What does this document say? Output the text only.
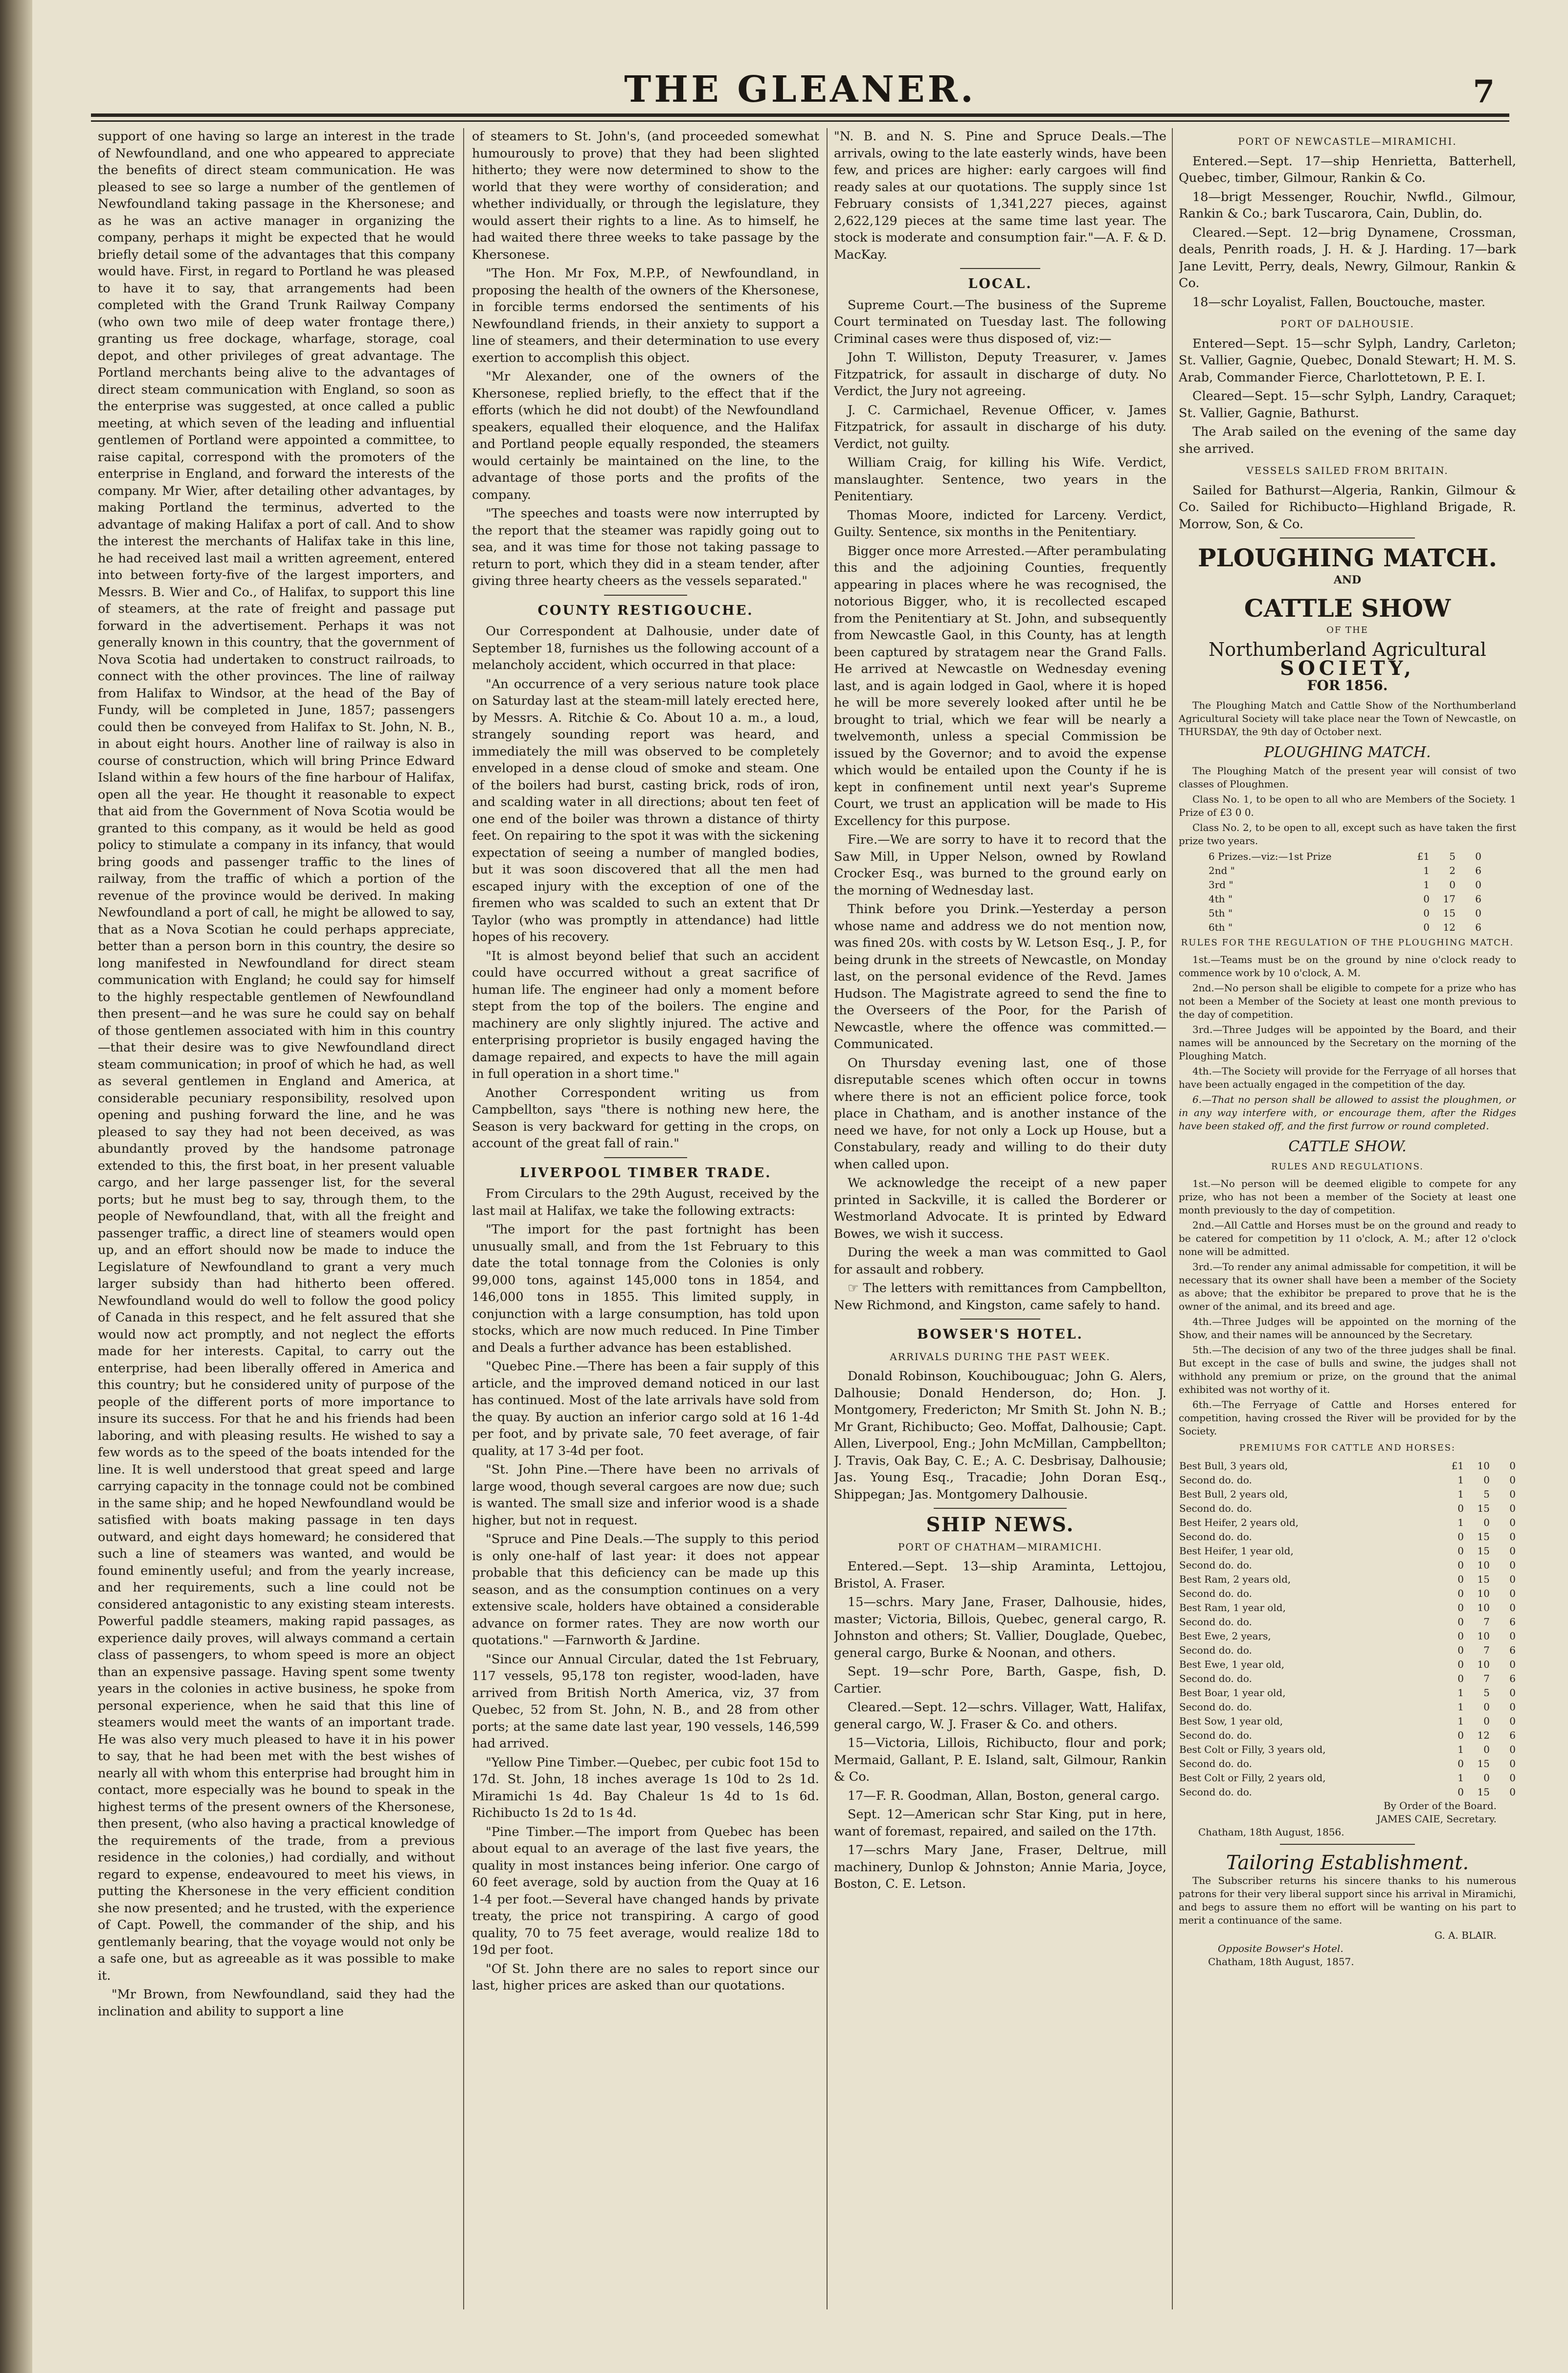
THE GLEANER.	7

support of one having so large an interest in the trade of Newfoundland, and one who appeared to appreciate the benefits of direct steam communication. He was pleased to see so large a number of the gentlemen of Newfoundland taking passage in the Khersonese; and as he was an active manager in organizing the company, perhaps it might be expected that he would briefly detail some of the advantages that this company would have. First, in regard to Portland he was pleased to have it to say, that arrangements had been completed with the Grand Trunk Railway Company (who own two mile of deep water frontage there,) granting us free dockage, wharfage, storage, coal depot, and other privileges of great advantage. The Portland merchants being alive to the advantages of direct steam communication with England, so soon as the enterprise was suggested, at once called a public meeting, at which seven of the leading and influential gentlemen of Portland were appointed a committee, to raise capital, correspond with the promoters of the enterprise in England, and forward the interests of the company. Mr Wier, after detailing other advantages, by making Portland the terminus, adverted to the advantage of making Halifax a port of call. And to show the interest the merchants of Halifax take in this line, he had received last mail a written agreement, entered into between forty-five of the largest importers, and Messrs. B. Wier and Co., of Halifax, to support this line of steamers, at the rate of freight and passage put forward in the advertisement. Perhaps it was not generally known in this country, that the government of Nova Scotia had undertaken to construct railroads, to connect with the other provinces. The line of railway from Halifax to Windsor, at the head of the Bay of Fundy, will be completed in June, 1857; passengers could then be conveyed from Halifax to St. John, N. B., in about eight hours. Another line of railway is also in course of construction, which will bring Prince Edward Island within a few hours of the fine harbour of Halifax, open all the year. He thought it reasonable to expect that aid from the Government of Nova Scotia would be granted to this company, as it would be held as good policy to stimulate a company in its infancy, that would bring goods and passenger traffic to the lines of railway, from the traffic of which a portion of the revenue of the province would be derived. In making Newfoundland a port of call, he might be allowed to say, that as a Nova Scotian he could perhaps appreciate, better than a person born in this country, the desire so long manifested in Newfoundland for direct steam communication with England; he could say for himself to the highly respectable gentlemen of Newfoundland then present—and he was sure he could say on behalf of those gentlemen associated with him in this country—that their desire was to give Newfoundland direct steam communication; in proof of which he had, as well as several gentlemen in England and America, at considerable pecuniary responsibility, resolved upon opening and pushing forward the line, and he was pleased to say they had not been deceived, as was abundantly proved by the handsome patronage extended to this, the first boat, in her present valuable cargo, and her large passenger list, for the several ports; but he must beg to say, through them, to the people of Newfoundland, that, with all the freight and passenger traffic, a direct line of steamers would open up, and an effort should now be made to induce the Legislature of Newfoundland to grant a very much larger subsidy than had hitherto been offered. Newfoundland would do well to follow the good policy of Canada in this respect, and he felt assured that she would now act promptly, and not neglect the efforts made for her interests. Capital, to carry out the enterprise, had been liberally offered in America and this country; but he considered unity of purpose of the people of the different ports of more importance to insure its success. For that he and his friends had been laboring, and with pleasing results. He wished to say a few words as to the speed of the boats intended for the line. It is well understood that great speed and large carrying capacity in the tonnage could not be combined in the same ship; and he hoped Newfoundland would be satisfied with boats making passage in ten days outward, and eight days homeward; he considered that such a line of steamers was wanted, and would be found eminently useful; and from the yearly increase, and her requirements, such a line could not be considered antagonistic to any existing steam interests. Powerful paddle steamers, making rapid passages, as experience daily proves, will always command a certain class of passengers, to whom speed is more an object than an expensive passage. Having spent some twenty years in the colonies in active business, he spoke from personal experience, when he said that this line of steamers would meet the wants of an important trade. He was also very much pleased to have it in his power to say, that he had been met with the best wishes of nearly all with whom this enterprise had brought him in contact, more especially was he bound to speak in the highest terms of the present owners of the Khersonese, then present, (who also having a practical knowledge of the requirements of the trade, from a previous residence in the colonies,) had cordially, and without regard to expense, endeavoured to meet his views, in putting the Khersonese in the very efficient condition she now presented; and he trusted, with the experience of Capt. Powell, the commander of the ship, and his gentlemanly bearing, that the voyage would not only be a safe one, but as agreeable as it was possible to make it.

"Mr Brown, from Newfoundland, said they had the inclination and ability to support a line

of steamers to St. John's, (and proceeded somewhat humourously to prove) that they had been slighted hitherto; they were now determined to show to the world that they were worthy of consideration; and whether individually, or through the legislature, they would assert their rights to a line. As to himself, he had waited there three weeks to take passage by the Khersonese.

"The Hon. Mr Fox, M.P.P., of Newfoundland, in proposing the health of the owners of the Khersonese, in forcible terms endorsed the sentiments of his Newfoundland friends, in their anxiety to support a line of steamers, and their determination to use every exertion to accomplish this object.

"Mr Alexander, one of the owners of the Khersonese, replied briefly, to the effect that if the efforts (which he did not doubt) of the Newfoundland speakers, equalled their eloquence, and the Halifax and Portland people equally responded, the steamers would certainly be maintained on the line, to the advantage of those ports and the profits of the company.

"The speeches and toasts were now interrupted by the report that the steamer was rapidly going out to sea, and it was time for those not taking passage to return to port, which they did in a steam tender, after giving three hearty cheers as the vessels separated."

COUNTY RESTIGOUCHE.

Our Correspondent at Dalhousie, under date of September 18, furnishes us the following account of a melancholy accident, which occurred in that place:

"An occurrence of a very serious nature took place on Saturday last at the steam-mill lately erected here, by Messrs. A. Ritchie & Co. About 10 a. m., a loud, strangely sounding report was heard, and immediately the mill was observed to be completely enveloped in a dense cloud of smoke and steam. One of the boilers had burst, casting brick, rods of iron, and scalding water in all directions; about ten feet of one end of the boiler was thrown a distance of thirty feet. On repairing to the spot it was with the sickening expectation of seeing a number of mangled bodies, but it was soon discovered that all the men had escaped injury with the exception of one of the firemen who was scalded to such an extent that Dr Taylor (who was promptly in attendance) had little hopes of his recovery.

"It is almost beyond belief that such an accident could have occurred without a great sacrifice of human life. The engineer had only a moment before stept from the top of the boilers. The engine and machinery are only slightly injured. The active and enterprising proprietor is busily engaged having the damage repaired, and expects to have the mill again in full operation in a short time."

Another Correspondent writing us from Campbellton, says "there is nothing new here, the Season is very backward for getting in the crops, on account of the great fall of rain."

LIVERPOOL TIMBER TRADE.

From Circulars to the 29th August, received by the last mail at Halifax, we take the following extracts:

"The import for the past fortnight has been unusually small, and from the 1st February to this date the total tonnage from the Colonies is only 99,000 tons, against 145,000 tons in 1854, and 146,000 tons in 1855. This limited supply, in conjunction with a large consumption, has told upon stocks, which are now much reduced. In Pine Timber and Deals a further advance has been established.

"Quebec Pine.—There has been a fair supply of this article, and the improved demand noticed in our last has continued. Most of the late arrivals have sold from the quay. By auction an inferior cargo sold at 16 1-4d per foot, and by private sale, 70 feet average, of fair quality, at 17 3-4d per foot.

"St. John Pine.—There have been no arrivals of large wood, though several cargoes are now due; such is wanted. The small size and inferior wood is a shade higher, but not in request.

"Spruce and Pine Deals.—The supply to this period is only one-half of last year: it does not appear probable that this deficiency can be made up this season, and as the consumption continues on a very extensive scale, holders have obtained a considerable advance on former rates. They are now worth our quotations." —Farnworth & Jardine.

"Since our Annual Circular, dated the 1st February, 117 vessels, 95,178 ton register, wood-laden, have arrived from British North America, viz, 37 from Quebec, 52 from St. John, N. B., and 28 from other ports; at the same date last year, 190 vessels, 146,599 had arrived.

"Yellow Pine Timber.—Quebec, per cubic foot 15d to 17d. St. John, 18 inches average 1s 10d to 2s 1d. Miramichi 1s 4d. Bay Chaleur 1s 4d to 1s 6d. Richibucto 1s 2d to 1s 4d.

"Pine Timber.—The import from Quebec has been about equal to an average of the last five years, the quality in most instances being inferior. One cargo of 60 feet average, sold by auction from the Quay at 16 1-4 per foot.—Several have changed hands by private treaty, the price not transpiring. A cargo of good quality, 70 to 75 feet average, would realize 18d to 19d per foot.

"Of St. John there are no sales to report since our last, higher prices are asked than our quotations.

"N. B. and N. S. Pine and Spruce Deals.—The arrivals, owing to the late easterly winds, have been few, and prices are higher: early cargoes will find ready sales at our quotations. The supply since 1st February consists of 1,341,227 pieces, against 2,622,129 pieces at the same time last year. The stock is moderate and consumption fair."—A. F. & D. MacKay.

LOCAL.

Supreme Court.—The business of the Supreme Court terminated on Tuesday last. The following Criminal cases were thus disposed of, viz:—

John T. Williston, Deputy Treasurer, v. James Fitzpatrick, for assault in discharge of duty. No Verdict, the Jury not agreeing.

J. C. Carmichael, Revenue Officer, v. James Fitzpatrick, for assault in discharge of his duty. Verdict, not guilty.

William Craig, for killing his Wife. Verdict, manslaughter. Sentence, two years in the Penitentiary.

Thomas Moore, indicted for Larceny. Verdict, Guilty. Sentence, six months in the Penitentiary.

Bigger once more Arrested.—After perambulating this and the adjoining Counties, frequently appearing in places where he was recognised, the notorious Bigger, who, it is recollected escaped from the Penitentiary at St. John, and subsequently from Newcastle Gaol, in this County, has at length been captured by stratagem near the Grand Falls. He arrived at Newcastle on Wednesday evening last, and is again lodged in Gaol, where it is hoped he will be more severely looked after until he be brought to trial, which we fear will be nearly a twelvemonth, unless a special Commission be issued by the Governor; and to avoid the expense which would be entailed upon the County if he is kept in confinement until next year's Supreme Court, we trust an application will be made to His Excellency for this purpose.

Fire.—We are sorry to have it to record that the Saw Mill, in Upper Nelson, owned by Rowland Crocker Esq., was burned to the ground early on the morning of Wednesday last.

Think before you Drink.—Yesterday a person whose name and address we do not mention now, was fined 20s. with costs by W. Letson Esq., J. P., for being drunk in the streets of Newcastle, on Monday last, on the personal evidence of the Revd. James Hudson. The Magistrate agreed to send the fine to the Overseers of the Poor, for the Parish of Newcastle, where the offence was committed.—Communicated.

On Thursday evening last, one of those disreputable scenes which often occur in towns where there is not an efficient police force, took place in Chatham, and is another instance of the need we have, for not only a Lock up House, but a Constabulary, ready and willing to do their duty when called upon.

We acknowledge the receipt of a new paper printed in Sackville, it is called the Borderer or Westmorland Advocate. It is printed by Edward Bowes, we wish it success.

During the week a man was committed to Gaol for assault and robbery.

☞ The letters with remittances from Campbellton, New Richmond, and Kingston, came safely to hand.

BOWSER'S HOTEL.
ARRIVALS DURING THE PAST WEEK.

Donald Robinson, Kouchibouguac; John G. Alers, Dalhousie; Donald Henderson, do; Hon. J. Montgomery, Fredericton; Mr Smith St. John N. B.; Mr Grant, Richibucto; Geo. Moffat, Dalhousie; Capt. Allen, Liverpool, Eng.; John McMillan, Campbellton; J. Travis, Oak Bay, C. E.; A. C. Desbrisay, Dalhousie; Jas. Young Esq., Tracadie; John Doran Esq., Shippegan; Jas. Montgomery Dalhousie.

SHIP NEWS.
PORT OF CHATHAM—MIRAMICHI.

Entered.—Sept. 13—ship Araminta, Lettojou, Bristol, A. Fraser.

15—schrs. Mary Jane, Fraser, Dalhousie, hides, master; Victoria, Billois, Quebec, general cargo, R. Johnston and others; St. Vallier, Douglade, Quebec, general cargo, Burke & Noonan, and others.

Sept. 19—schr Pore, Barth, Gaspe, fish, D. Cartier.

Cleared.—Sept. 12—schrs. Villager, Watt, Halifax, general cargo, W. J. Fraser & Co. and others.

15—Victoria, Lillois, Richibucto, flour and pork; Mermaid, Gallant, P. E. Island, salt, Gilmour, Rankin & Co.

17—F. R. Goodman, Allan, Boston, general cargo.

Sept. 12—American schr Star King, put in here, want of foremast, repaired, and sailed on the 17th.

17—schrs Mary Jane, Fraser, Deltrue, mill machinery, Dunlop & Johnston; Annie Maria, Joyce, Boston, C. E. Letson.

PORT OF NEWCASTLE—MIRAMICHI.

Entered.—Sept. 17—ship Henrietta, Batterhell, Quebec, timber, Gilmour, Rankin & Co.

18—brigt Messenger, Rouchir, Nwfld., Gilmour, Rankin & Co.; bark Tuscarora, Cain, Dublin, do.

Cleared.—Sept. 12—brig Dynamene, Crossman, deals, Penrith roads, J. H. & J. Harding. 17—bark Jane Levitt, Perry, deals, Newry, Gilmour, Rankin & Co.

18—schr Loyalist, Fallen, Bouctouche, master.

PORT OF DALHOUSIE.

Entered—Sept. 15—schr Sylph, Landry, Carleton; St. Vallier, Gagnie, Quebec, Donald Stewart; H. M. S. Arab, Commander Fierce, Charlottetown, P. E. I.

Cleared—Sept. 15—schr Sylph, Landry, Caraquet; St. Vallier, Gagnie, Bathurst.

The Arab sailed on the evening of the same day she arrived.

VESSELS SAILED FROM BRITAIN.

Sailed for Bathurst—Algeria, Rankin, Gilmour & Co. Sailed for Richibucto—Highland Brigade, R. Morrow, Son, & Co.

PLOUGHING MATCH.
AND
CATTLE SHOW
OF THE
Northumberland Agricultural
SOCIETY,
FOR 1856.

The Ploughing Match and Cattle Show of the Northumberland Agricultural Society will take place near the Town of Newcastle, on THURSDAY, the 9th day of October next.

PLOUGHING MATCH.

The Ploughing Match of the present year will consist of two classes of Ploughmen.

Class No. 1, to be open to all who are Members of the Society. 1 Prize of £3 0 0.

Class No. 2, to be open to all, except such as have taken the first prize two years.

6 Prizes.—viz:—1st Prize	£1	5	0
2nd "	1	2	6
3rd "	1	0	0
4th "	0	17	6
5th "	0	15	0
6th "	0	12	6
RULES FOR THE REGULATION OF THE PLOUGHING MATCH.

1st.—Teams must be on the ground by nine o'clock ready to commence work by 10 o'clock, A. M.

2nd.—No person shall be eligible to compete for a prize who has not been a Member of the Society at least one month previous to the day of competition.

3rd.—Three Judges will be appointed by the Board, and their names will be announced by the Secretary on the morning of the Ploughing Match.

4th.—The Society will provide for the Ferryage of all horses that have been actually engaged in the competition of the day.

6.—That no person shall be allowed to assist the ploughmen, or in any way interfere with, or encourage them, after the Ridges have been staked off, and the first furrow or round completed.

CATTLE SHOW.
RULES AND REGULATIONS.

1st.—No person will be deemed eligible to compete for any prize, who has not been a member of the Society at least one month previously to the day of competition.

2nd.—All Cattle and Horses must be on the ground and ready to be catered for competition by 11 o'clock, A. M.; after 12 o'clock none will be admitted.

3rd.—To render any animal admissable for competition, it will be necessary that its owner shall have been a member of the Society as above; that the exhibitor be prepared to prove that he is the owner of the animal, and its breed and age.

4th.—Three Judges will be appointed on the morning of the Show, and their names will be announced by the Secretary.

5th.—The decision of any two of the three judges shall be final. But except in the case of bulls and swine, the judges shall not withhold any premium or prize, on the ground that the animal exhibited was not worthy of it.

6th.—The Ferryage of Cattle and Horses entered for competition, having crossed the River will be provided for by the Society.

PREMIUMS FOR CATTLE AND HORSES:
Best Bull, 3 years old,	£1	10	0
Second do. do.	1	0	0
Best Bull, 2 years old,	1	5	0
Second do. do.	0	15	0
Best Heifer, 2 years old,	1	0	0
Second do. do.	0	15	0
Best Heifer, 1 year old,	0	15	0
Second do. do.	0	10	0
Best Ram, 2 years old,	0	15	0
Second do. do.	0	10	0
Best Ram, 1 year old,	0	10	0
Second do. do.	0	7	6
Best Ewe, 2 years,	0	10	0
Second do. do.	0	7	6
Best Ewe, 1 year old,	0	10	0
Second do. do.	0	7	6
Best Boar, 1 year old,	1	5	0
Second do. do.	1	0	0
Best Sow, 1 year old,	1	0	0
Second do. do.	0	12	6
Best Colt or Filly, 3 years old,	1	0	0
Second do. do.	0	15	0
Best Colt or Filly, 2 years old,	1	0	0
Second do. do.	0	15	0
By Order of the Board.
JAMES CAIE, Secretary.
Chatham, 18th August, 1856.
Tailoring Establishment.

The Subscriber returns his sincere thanks to his numerous patrons for their very liberal support since his arrival in Miramichi, and begs to assure them no effort will be wanting on his part to merit a continuance of the same.

G. A. BLAIR.
Opposite Bowser's Hotel.
Chatham, 18th August, 1857.
